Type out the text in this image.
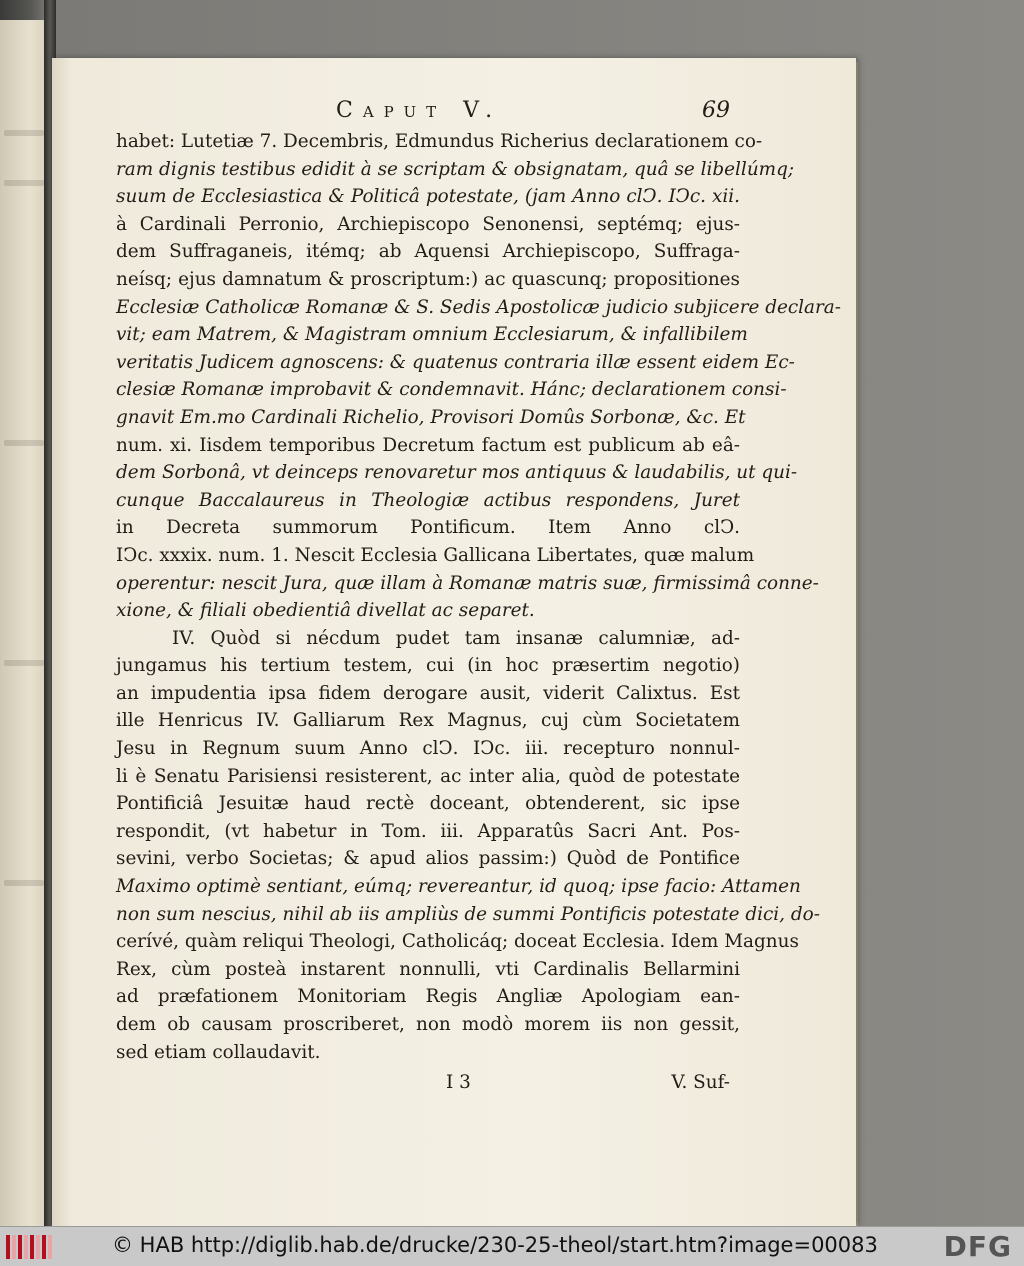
Caput V.	69
habet: Lutetiæ 7. Decembris, Edmundus Richerius declarationem co-
ram dignis testibus edidit à se scriptam & obsignatam, quâ se libellúmq;
suum de Ecclesiastica & Politicâ potestate, (jam Anno clↃ. IↃc. xii.
à Cardinali Perronio, Archiepiscopo Senonensi, septémq; ejus-
dem Suffraganeis, itémq; ab Aquensi Archiepiscopo, Suffraga-
neísq; ejus damnatum & proscriptum:) ac quascunq; propositiones
Ecclesiæ Catholicæ Romanæ & S. Sedis Apostolicæ judicio subjicere declara-
vit; eam Matrem, & Magistram omnium Ecclesiarum, & infallibilem
veritatis Judicem agnoscens: & quatenus contraria illæ essent eidem Ec-
clesiæ Romanæ improbavit & condemnavit. Hánc; declarationem consi-
gnavit Em.mo Cardinali Richelio, Provisori Domûs Sorbonæ, &c. Et
num. xi. Iisdem temporibus Decretum factum est publicum ab eâ-
dem Sorbonâ, vt deinceps renovaretur mos antiquus & laudabilis, ut qui-
cunque Baccalaureus in Theologiæ actibus respondens, Juret
in Decreta summorum Pontificum. Item Anno clↃ.
IↃc. xxxix. num. 1. Nescit Ecclesia Gallicana Libertates, quæ malum
operentur: nescit Jura, quæ illam à Romanæ matris suæ, firmissimâ conne-
xione, & filiali obedientiâ divellat ac separet.
IV. Quòd si nécdum pudet tam insanæ calumniæ, ad-
jungamus his tertium testem, cui (in hoc præsertim negotio)
an impudentia ipsa fidem derogare ausit, viderit Calixtus. Est
ille Henricus IV. Galliarum Rex Magnus, cuj cùm Societatem
Jesu in Regnum suum Anno clↃ. IↃc. iii. recepturo nonnul-
li è Senatu Parisiensi resisterent, ac inter alia, quòd de potestate
Pontificiâ Jesuitæ haud rectè doceant, obtenderent, sic ipse
respondit, (vt habetur in Tom. iii. Apparatûs Sacri Ant. Pos-
sevini, verbo Societas; & apud alios passim:) Quòd de Pontifice
Maximo optimè sentiant, eúmq; revereantur, id quoq; ipse facio: Attamen
non sum nescius, nihil ab iis ampliùs de summi Pontificis potestate dici, do-
cerívé, quàm reliqui Theologi, Catholicáq; doceat Ecclesia. Idem Magnus
Rex, cùm posteà instarent nonnulli, vti Cardinalis Bellarmini
ad præfationem Monitoriam Regis Angliæ Apologiam ean-
dem ob causam proscriberet, non modò morem iis non gessit,
sed etiam collaudavit.
I 3	V. Suf-
© HAB http://diglib.hab.de/drucke/230-25-theol/start.htm?image=00083 DFG
